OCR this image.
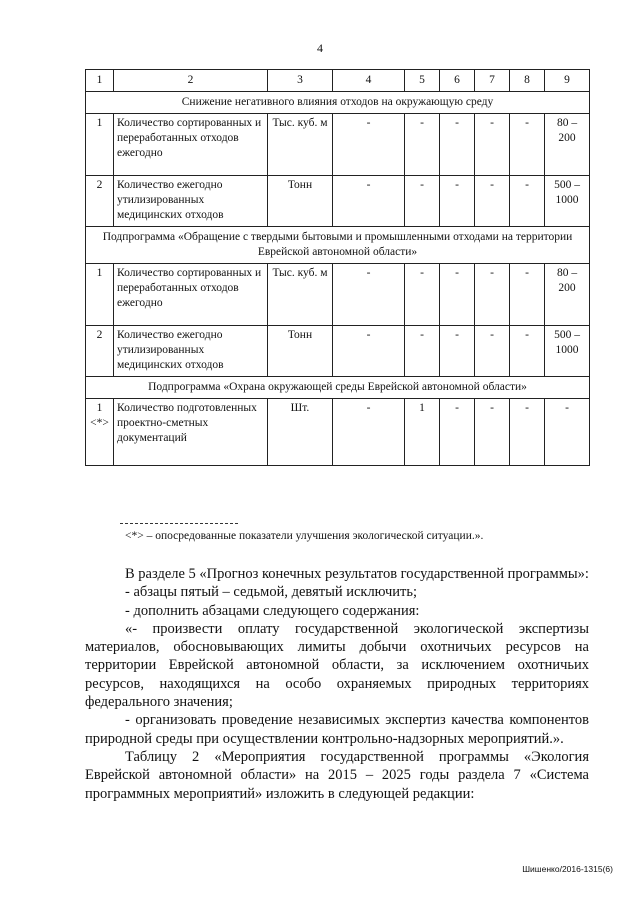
4
1	2	3	4	5	6	7	8	9
Снижение негативного влияния отходов на окружающую среду								
1	Количество сортированных и переработанных отходов ежегодно	Тыс. куб. м	-	-	-	-	-	80 – 200
2	Количество ежегодно утилизированных медицинских отходов	Тонн	-	-	-	-	-	500 – 1000
Подпрограмма «Обращение с твердыми бытовыми и промышленными отходами на территории Еврейской автономной области»								
1	Количество сортированных и переработанных отходов ежегодно	Тыс. куб. м	-	-	-	-	-	80 – 200
2	Количество ежегодно утилизированных медицинских отходов	Тонн	-	-	-	-	-	500 – 1000
Подпрограмма «Охрана окружающей среды Еврейской автономной области»								
1 <*>	Количество подготовленных проектно-сметных документаций	Шт.	-	1	-	-	-	-
<*> – опосредованные показатели улучшения экологической ситуации.».

В разделе 5 «Прогноз конечных результатов государственной программы»:

- абзацы пятый – седьмой, девятый исключить;

- дополнить абзацами следующего содержания:

«- произвести оплату государственной экологической экспертизы материалов, обосновывающих лимиты добычи охотничьих ресурсов на территории Еврейской автономной области, за исключением охотничьих ресурсов, находящихся на особо охраняемых природных территориях федерального значения;

- организовать проведение независимых экспертиз качества компонентов природной среды при осуществлении контрольно-надзорных мероприятий.».

Таблицу 2 «Мероприятия государственной программы «Экология Еврейской автономной области» на 2015 – 2025 годы раздела 7 «Система программных мероприятий» изложить в следующей редакции:

Шишенко/2016-1315(6)
